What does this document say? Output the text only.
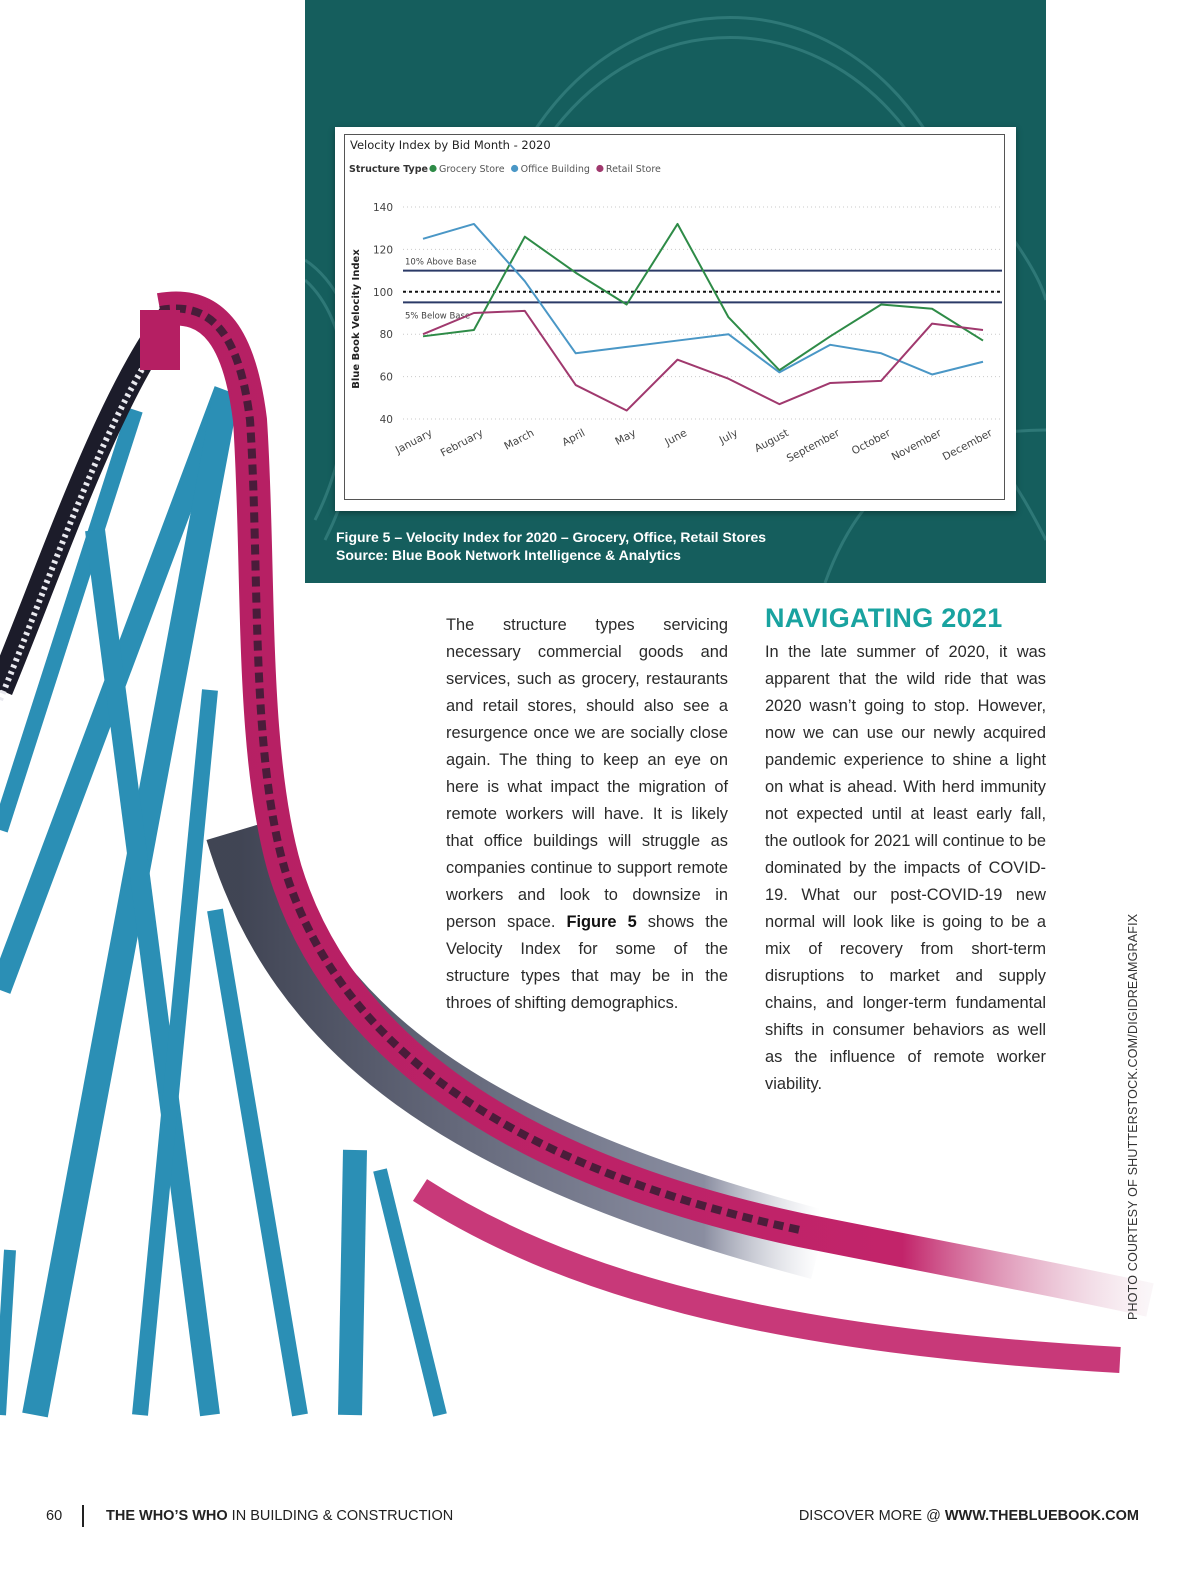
Velocity Index by Bid Month - 2020
Structure Type Grocery Store Office Building Retail Store
40
60
80
100
120
140
Blue Book Velocity Index	10% Above Base
5% Below Base
January February March April May June	July August
September October
November
December
Figure 5 – Velocity Index for 2020 – Grocery, Office, Retail Stores
Source: Blue Book Network Intelligence & Analytics
The structure types servicing necessary commercial goods and services, such as grocery, restaurants and retail stores, should also see a resurgence once we are socially close again. The thing to keep an eye on here is what impact the migration of remote workers will have. It is likely that office buildings will struggle as companies continue to support remote workers and look to downsize in person space. Figure 5 shows the Velocity Index for some of the structure types that may be in the throes of shifting demographics.
NAVIGATING 2021
In the late summer of 2020, it was apparent that the wild ride that was 2020 wasn’t going to stop. However, now we can use our newly acquired pandemic experience to shine a light on what is ahead. With herd immunity not expected until at least early fall, the outlook for 2021 will continue to be dominated by the impacts of COVID-19. What our post-COVID-19 new normal will look like is going to be a mix of recovery from short-term disruptions to market and supply chains, and longer-term fundamental shifts in consumer behaviors as well as the influence of remote worker viability.	PHOTO COURTESY OF SHUTTERSTOCK.COM/DIGIDREAMGRAFIX
60	THE WHO’S WHO IN BUILDING & CONSTRUCTION	DISCOVER MORE @ WWW.THEBLUEBOOK.COM
